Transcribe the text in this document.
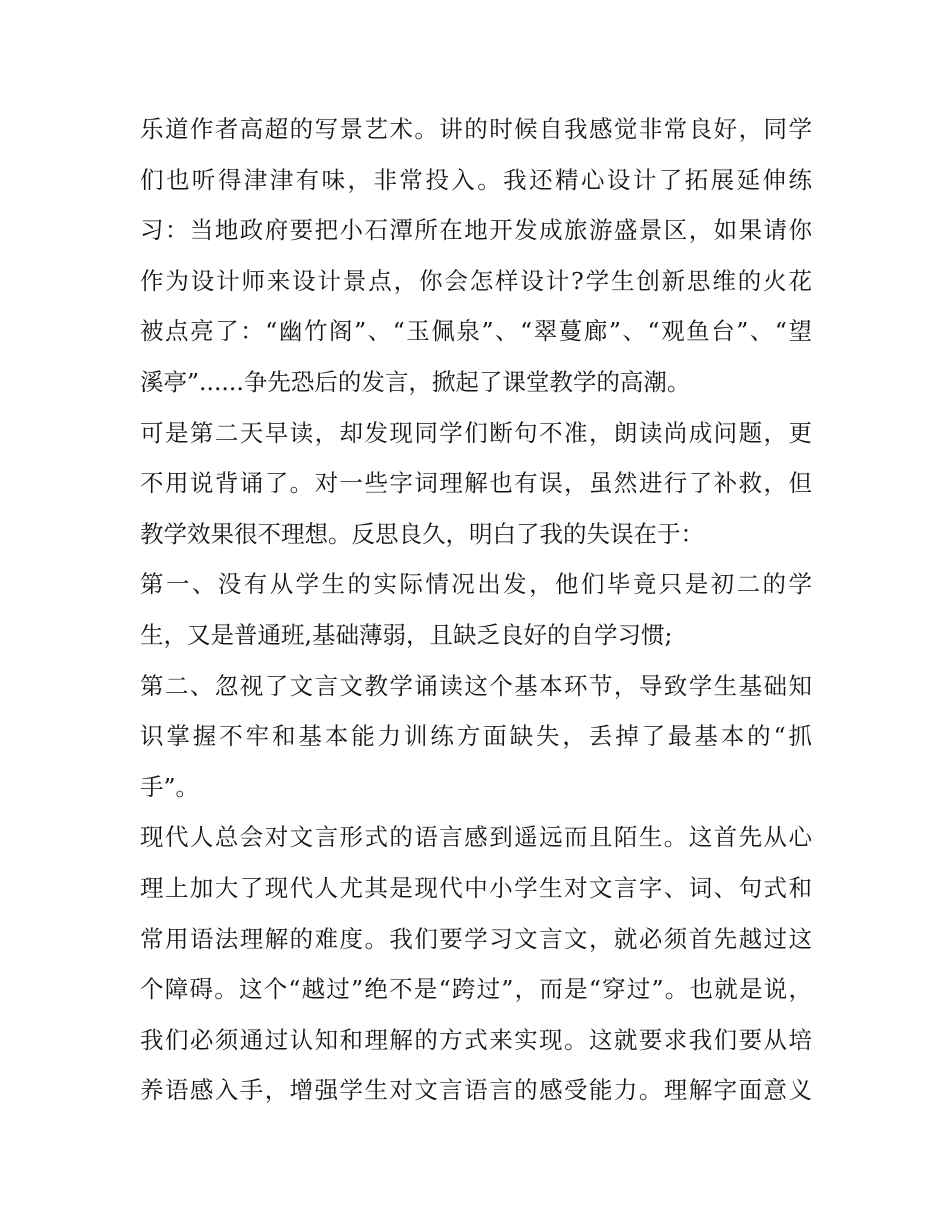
乐道作者高超的写景艺术。讲的时候自我感觉非常良好，同学
们也听得津津有味，非常投入。我还精心设计了拓展延伸练
习：当地政府要把小石潭所在地开发成旅游盛景区，如果请你
作为设计师来设计景点，你会怎样设计?学生创新思维的火花
被点亮了：“幽竹阁”、“玉佩泉”、“翠蔓廊”、“观鱼台”、“望
溪亭”......争先恐后的发言，掀起了课堂教学的高潮。
可是第二天早读，却发现同学们断句不准，朗读尚成问题，更
不用说背诵了。对一些字词理解也有误，虽然进行了补救，但
教学效果很不理想。反思良久，明白了我的失误在于：
第一、没有从学生的实际情况出发，他们毕竟只是初二的学
生，又是普通班,基础薄弱，且缺乏良好的自学习惯;
第二、忽视了文言文教学诵读这个基本环节，导致学生基础知
识掌握不牢和基本能力训练方面缺失，丢掉了最基本的“抓
手”。
现代人总会对文言形式的语言感到遥远而且陌生。这首先从心
理上加大了现代人尤其是现代中小学生对文言字、词、句式和
常用语法理解的难度。我们要学习文言文，就必须首先越过这
个障碍。这个“越过”绝不是“跨过”，而是“穿过”。也就是说，
我们必须通过认知和理解的方式来实现。这就要求我们要从培
养语感入手，增强学生对文言语言的感受能力。理解字面意义
